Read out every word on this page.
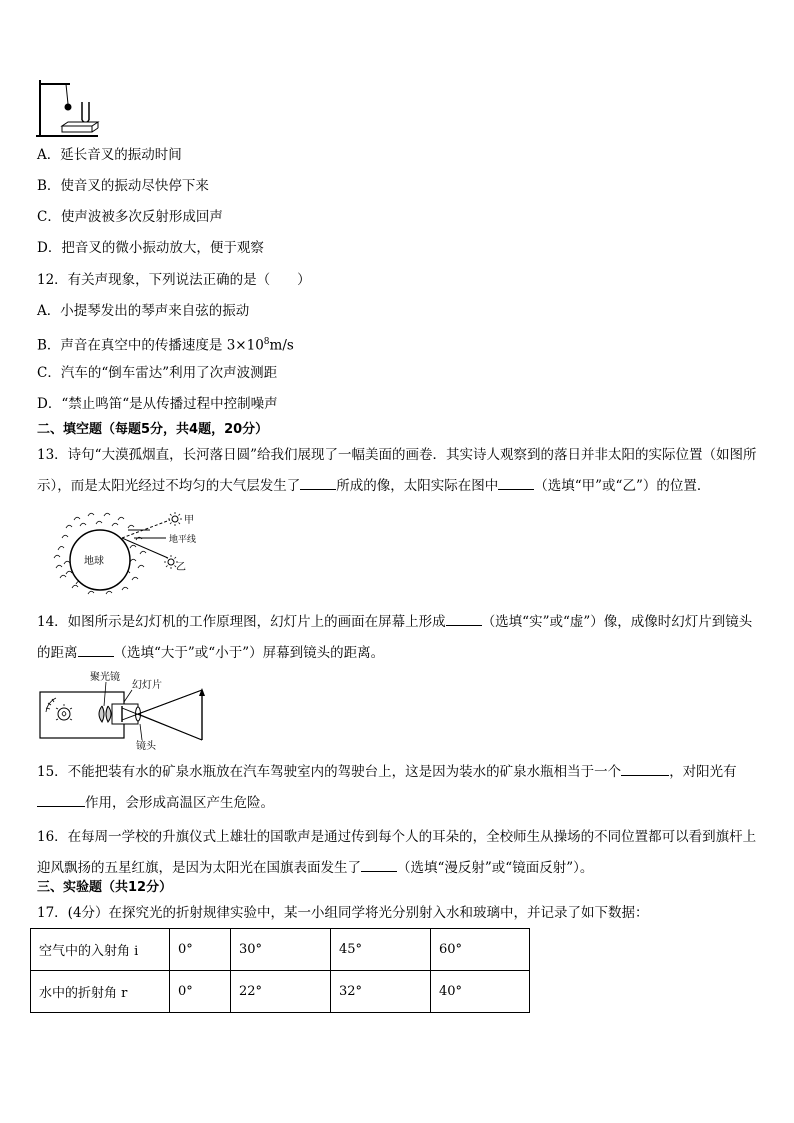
A．延长音叉的振动时间
B．使音叉的振动尽快停下来
C．使声波被多次反射形成回声
D．把音叉的微小振动放大，便于观察
12．有关声现象，下列说法正确的是（　　）
A．小提琴发出的琴声来自弦的振动
B．声音在真空中的传播速度是 $3\times 10^8m/s$
C．汽车的“倒车雷达”利用了次声波测距
D．“禁止鸣笛“是从传播过程中控制噪声
二、填空题（每题5分，共4题，20分）
13．诗句“大漠孤烟直，长河落日圆”给我们展现了一幅美面的画卷．其实诗人观察到的落日并非太阳的实际位置（如图所示），而是太阳光经过不均匀的大气层发生了	所成的像，太阳实际在图中	（选填“甲”或“乙”）的位置．
地球
甲
地平线
乙
14．如图所示是幻灯机的工作原理图，幻灯片上的画面在屏幕上形成	（选填“实”或“虚”）像，成像时幻灯片到镜头的距离	（选填“大于”或“小于”）屏幕到镜头的距离。
聚光镜
幻灯片
镜头
15．不能把装有水的矿泉水瓶放在汽车驾驶室内的驾驶台上，这是因为装水的矿泉水瓶相当于一个	，对阳光有
作用，会形成高温区产生危险。
16．在每周一学校的升旗仪式上雄壮的国歌声是通过传到每个人的耳朵的，全校师生从操场的不同位置都可以看到旗杆上迎风飘扬的五星红旗，是因为太阳光在国旗表面发生了	（选填“漫反射”或“镜面反射”）。
三、实验题（共12分）
17．(4分）在探究光的折射规律实验中，某一小组同学将光分别射入水和玻璃中，并记录了如下数据：
空气中的入射角 i	0°	30°	45°	60°
水中的折射角 r	0°	22°	32°	40°
